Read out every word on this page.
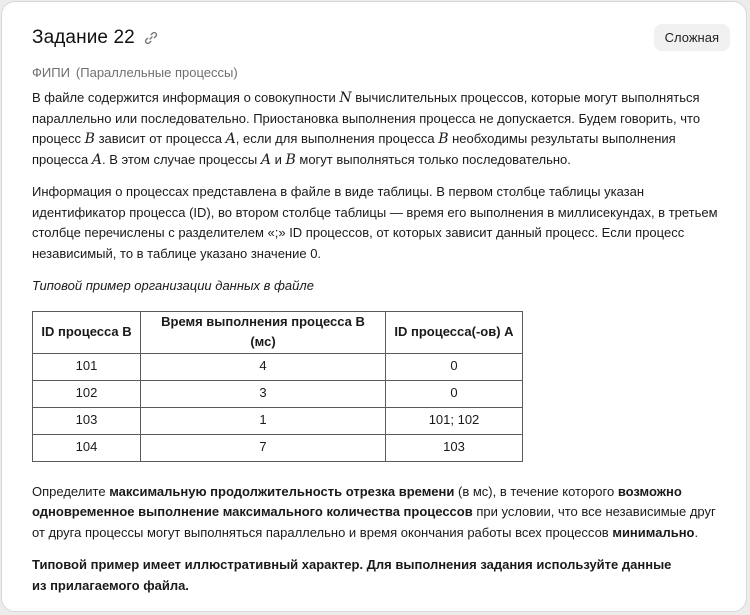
Задание 22	Сложная
ФИПИ (Параллельные процессы)

В файле содержится информация о совокупности N вычислительных процессов, которые могут выполняться
параллельно или последовательно. Приостановка выполнения процесса не допускается. Будем говорить, что
процесс B зависит от процесса A, если для выполнения процесса B необходимы результаты выполнения
процесса A. В этом случае процессы A и B могут выполняться только последовательно.

Информация о процессах представлена в файле в виде таблицы. В первом столбце таблицы указан
идентификатор процесса (ID), во втором столбце таблицы — время его выполнения в миллисекундах, в третьем
столбце перечислены с разделителем «;» ID процессов, от которых зависит данный процесс. Если процесс
независимый, то в таблице указано значение 0.

Типовой пример организации данных в файле

ID процесса B	Время выполнения процесса B (мс)	ID процесса(-ов) A
101	4	0
102	3	0
103	1	101; 102
104	7	103

Определите максимальную продолжительность отрезка времени (в мс), в течение которого возможно
одновременное выполнение максимального количества процессов при условии, что все независимые друг
от друга процессы могут выполняться параллельно и время окончания работы всех процессов минимально.

Типовой пример имеет иллюстративный характер. Для выполнения задания используйте данные
из прилагаемого файла.
